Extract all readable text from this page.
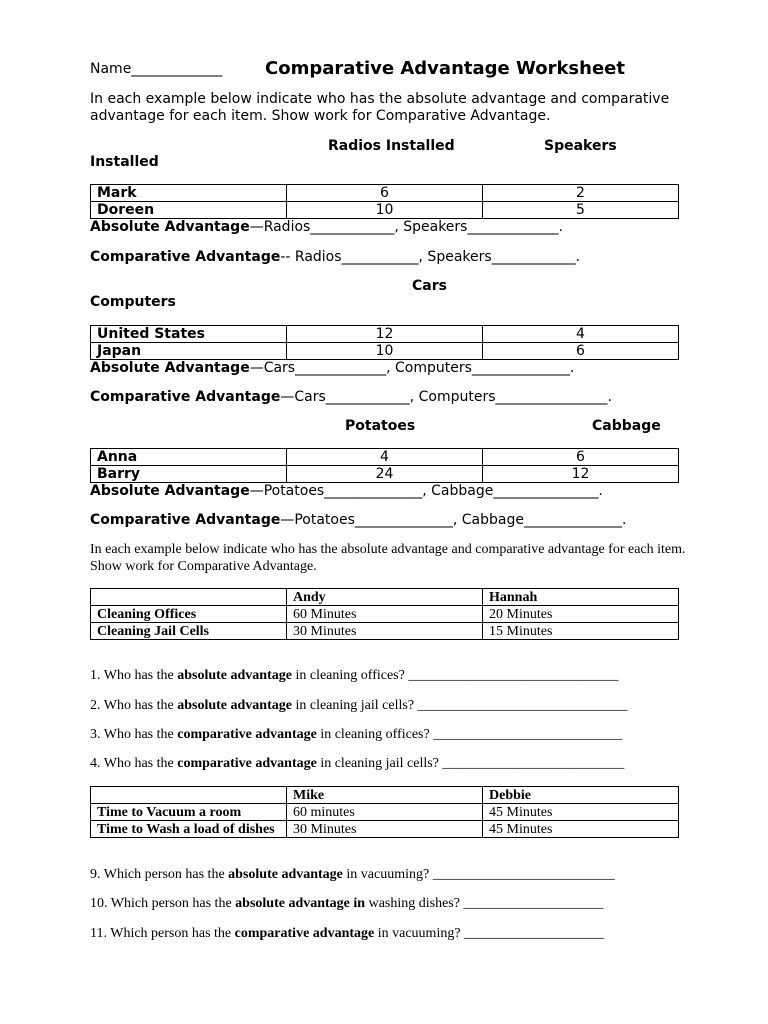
Name_____________ Comparative Advantage Worksheet
In each example below indicate who has the absolute advantage and comparative advantage for each item. Show work for Comparative Advantage.
Radios Installed	Speakers
Installed
Mark	6	2
Doreen	10	5
Absolute Advantage—Radios____________, Speakers_____________.
Comparative Advantage-- Radios___________, Speakers____________.
Cars
Computers
United States	12	4
Japan	10	6
Absolute Advantage—Cars_____________, Computers______________.
Comparative Advantage—Cars____________, Computers________________.
Potatoes	Cabbage
Anna	4	6
Barry	24	12
Absolute Advantage—Potatoes______________, Cabbage_______________.
Comparative Advantage—Potatoes______________, Cabbage______________.
In each example below indicate who has the absolute advantage and comparative advantage for each item. Show work for Comparative Advantage.
	Andy	Hannah
Cleaning Offices	60 Minutes	20 Minutes
Cleaning Jail Cells	30 Minutes	15 Minutes
1. Who has the absolute advantage in cleaning offices? ______________________________
2. Who has the absolute advantage in cleaning jail cells? ______________________________
3. Who has the comparative advantage in cleaning offices? ___________________________
4. Who has the comparative advantage in cleaning jail cells? __________________________
	Mike	Debbie
Time to Vacuum a room	60 minutes	45 Minutes
Time to Wash a load of dishes	30 Minutes	45 Minutes
9. Which person has the absolute advantage in vacuuming? __________________________
10. Which person has the absolute advantage in washing dishes? ____________________
11. Which person has the comparative advantage in vacuuming? ____________________
